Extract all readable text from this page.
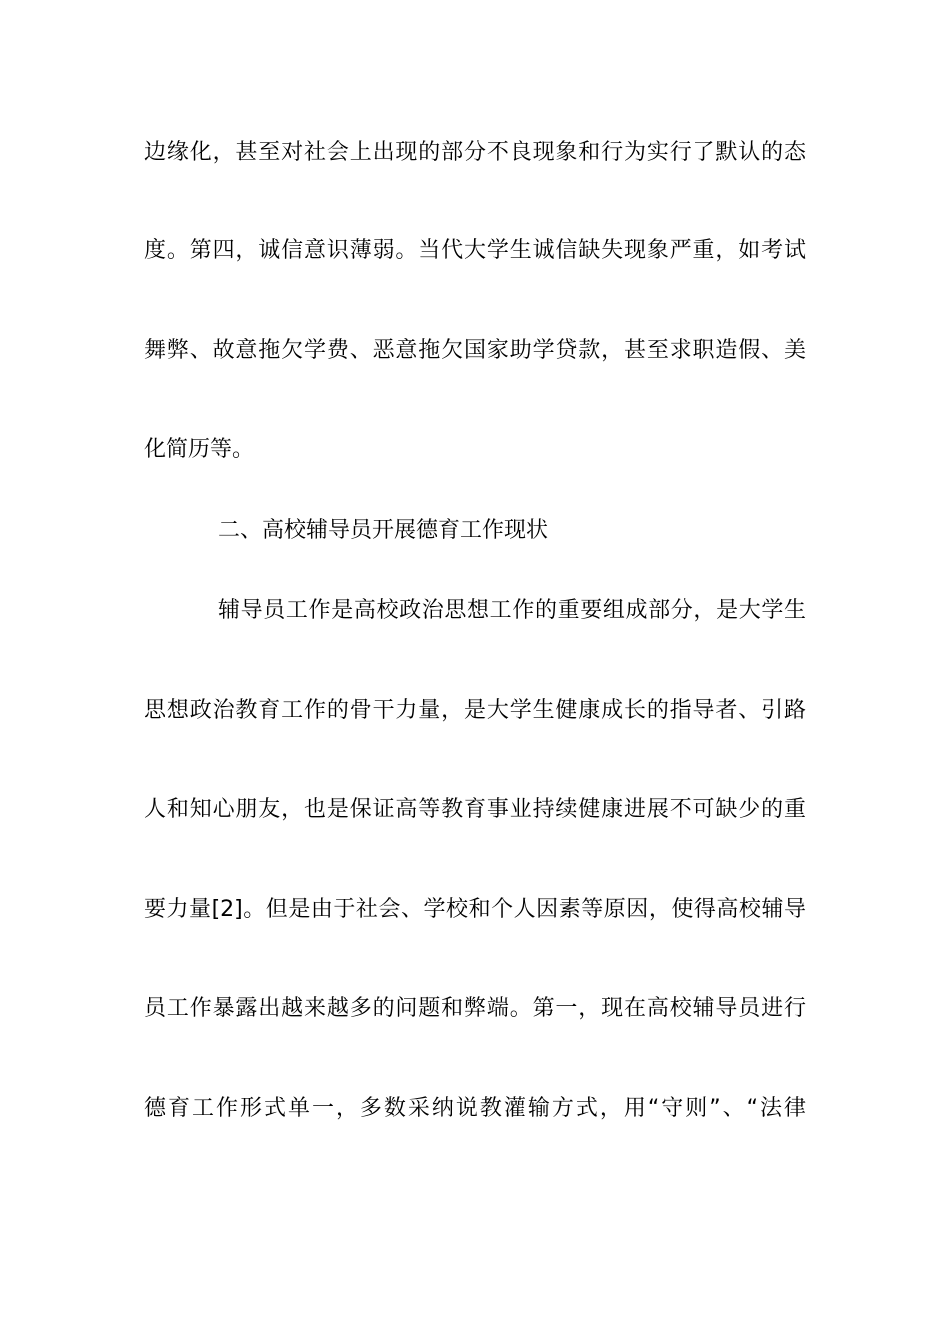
边缘化，甚至对社会上出现的部分不良现象和行为实行了默认的态
度。第四，诚信意识薄弱。当代大学生诚信缺失现象严重，如考试
舞弊、故意拖欠学费、恶意拖欠国家助学贷款，甚至求职造假、美
化简历等。
二、高校辅导员开展德育工作现状
辅导员工作是高校政治思想工作的重要组成部分，是大学生
思想政治教育工作的骨干力量，是大学生健康成长的指导者、引路
人和知心朋友，也是保证高等教育事业持续健康进展不可缺少的重
要力量[2]。但是由于社会、学校和个人因素等原因，使得高校辅导
员工作暴露出越来越多的问题和弊端。第一，现在高校辅导员进行
德育工作形式单一，多数采纳说教灌输方式，用“守则”、“法律
